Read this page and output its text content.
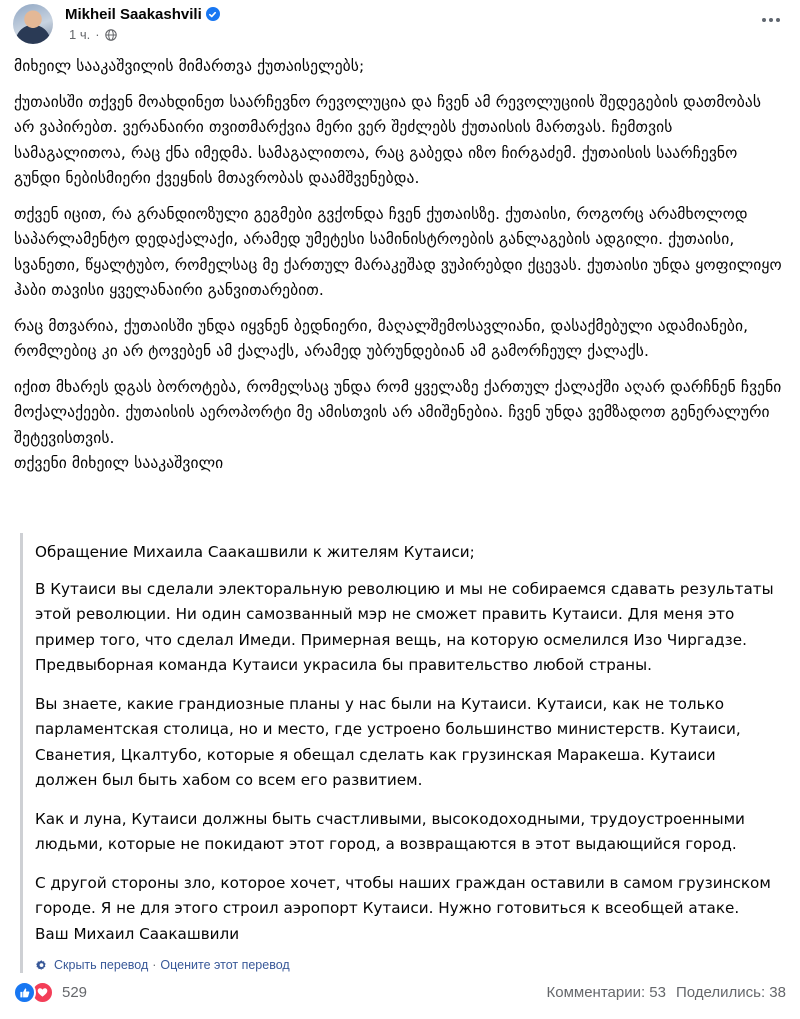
Mikheil Saakashvili
1 ч. ·

მიხეილ სააკაშვილის მიმართვა ქუთაისელებს;

ქუთაისში თქვენ მოახდინეთ საარჩევნო რევოლუცია და ჩვენ ამ რევოლუციის შედეგების დათმობას არ ვაპირებთ. ვერანაირი თვითმარქვია მერი ვერ შეძლებს ქუთაისის მართვას. ჩემთვის სამაგალითოა, რაც ქნა იმედმა. სამაგალითოა, რაც გაბედა იზო ჩირგაძემ. ქუთაისის საარჩევნო გუნდი ნებისმიერი ქვეყნის მთავრობას დაამშვენებდა.

თქვენ იცით, რა გრანდიოზული გეგმები გვქონდა ჩვენ ქუთაისზე. ქუთაისი, როგორც არამხოლოდ საპარლამენტო დედაქალაქი, არამედ უმეტესი სამინისტროების განლაგების ადგილი. ქუთაისი, სვანეთი, წყალტუბო, რომელსაც მე ქართულ მარაკეშად ვუპირებდი ქცევას. ქუთაისი უნდა ყოფილიყო ჰაბი თავისი ყველანაირი განვითარებით.

რაც მთვარია, ქუთაისში უნდა იყვნენ ბედნიერი, მაღალშემოსავლიანი, დასაქმებული ადამიანები, რომლებიც კი არ ტოვებენ ამ ქალაქს, არამედ უბრუნდებიან ამ გამორჩეულ ქალაქს.

იქით მხარეს დგას ბოროტება, რომელსაც უნდა რომ ყველაზე ქართულ ქალაქში აღარ დარჩნენ ჩვენი მოქალაქეები. ქუთაისის აეროპორტი მე ამისთვის არ ამიშენებია. ჩვენ უნდა ვემზადოთ გენერალური შეტევისთვის.

თქვენი მიხეილ სააკაშვილი

Обращение Михаила Саакашвили к жителям Кутаиси;

В Кутаиси вы сделали электоральную революцию и мы не собираемся сдавать результаты этой революции. Ни один самозванный мэр не сможет править Кутаиси. Для меня это пример того, что сделал Имеди. Примерная вещь, на которую осмелился Изо Чиргадзе. Предвыборная команда Кутаиси украсила бы правительство любой страны.

Вы знаете, какие грандиозные планы у нас были на Кутаиси. Кутаиси, как не только парламентская столица, но и место, где устроено большинство министерств. Кутаиси, Сванетия, Цкалтубо, которые я обещал сделать как грузинская Маракеша. Кутаиси должен был быть хабом со всем его развитием.

Как и луна, Кутаиси должны быть счастливыми, высокодоходными, трудоустроенными людьми, которые не покидают этот город, а возвращаются в этот выдающийся город.

С другой стороны зло, которое хочет, чтобы наших граждан оставили в самом грузинском городе. Я не для этого строил аэропорт Кутаиси. Нужно готовиться к всеобщей атаке.

Ваш Михаил Саакашвили

Скрыть перевод · Оцените этот перевод
529	Комментарии: 53 Поделились: 38
